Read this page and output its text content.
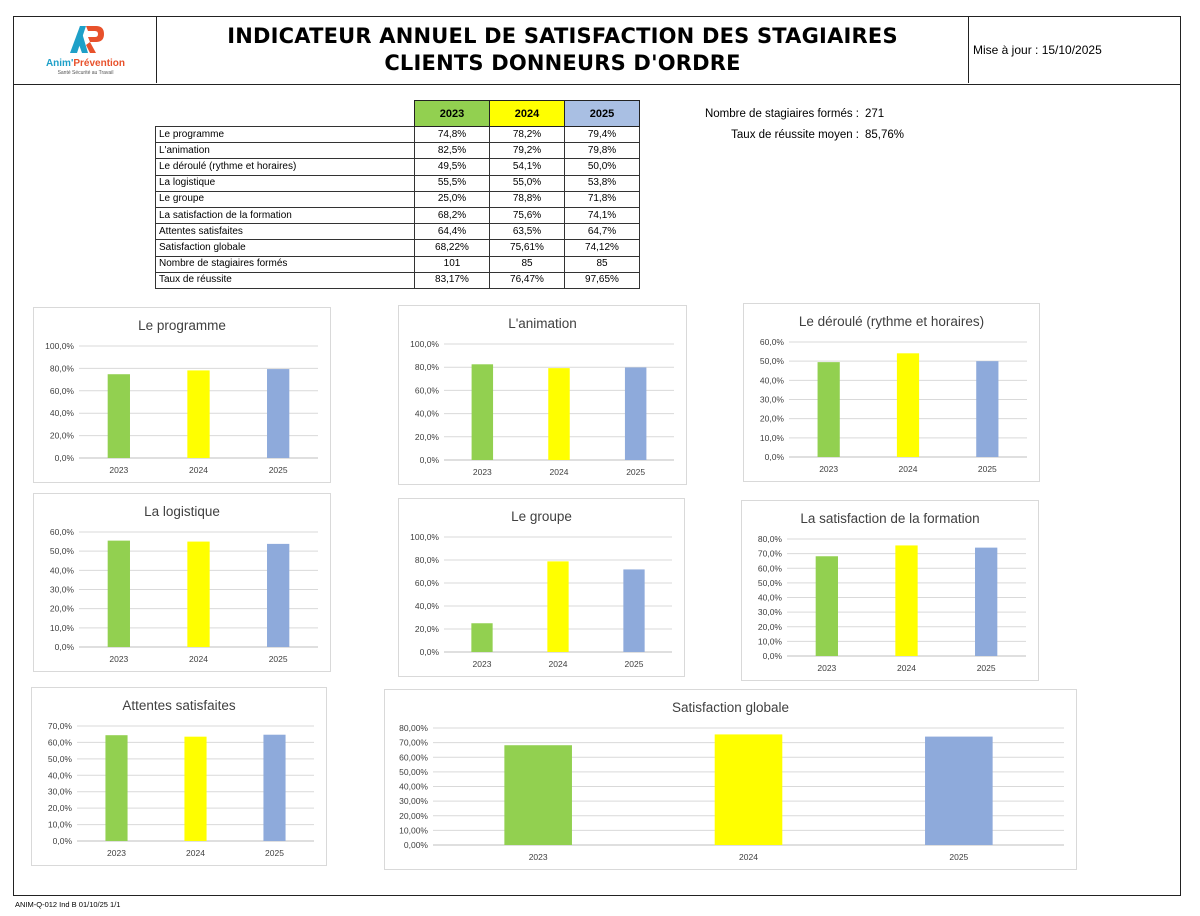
Anim'Prévention
Santé Sécurité au Travail
INDICATEUR ANNUEL DE SATISFACTION DES STAGIAIRES
CLIENTS DONNEURS D'ORDRE
Mise à jour : 15/10/2025
	2023	2024	2025
Le programme	74,8%	78,2%	79,4%
L'animation	82,5%	79,2%	79,8%
Le déroulé (rythme et horaires)	49,5%	54,1%	50,0%
La logistique	55,5%	55,0%	53,8%
Le groupe	25,0%	78,8%	71,8%
La satisfaction de la formation	68,2%	75,6%	74,1%
Attentes satisfaites	64,4%	63,5%	64,7%
Satisfaction globale	68,22%	75,61%	74,12%
Nombre de stagiaires formés	101	85	85
Taux de réussite	83,17%	76,47%	97,65%
Nombre de stagiaires formés : 271
Taux de réussite moyen : 85,76%
Le programme
0,0%
20,0%
40,0%
60,0%
80,0%
100,0%
2023	2024	2025
L'animation
0,0%
20,0%
40,0%
60,0%
80,0%
100,0%
2023	2024	2025
Le déroulé (rythme et horaires)
0,0%
10,0%
20,0%
30,0%
40,0%
50,0%
60,0%
2023	2024	2025
La logistique
0,0%
10,0%
20,0%
30,0%
40,0%
50,0%
60,0%
2023	2024	2025
Le groupe
0,0%
20,0%
40,0%
60,0%
80,0%
100,0%
2023	2024	2025
La satisfaction de la formation
0,0%
10,0%
20,0%
30,0%
40,0%
50,0%
60,0%
70,0%
80,0%
2023	2024	2025
Attentes satisfaites
0,0%
10,0%
20,0%
30,0%
40,0%
50,0%
60,0%
70,0%
2023	2024	2025
Satisfaction globale
0,00%
10,00%
20,00%
30,00%
40,00%
50,00%
60,00%
70,00%
80,00%
2023	2024	2025
ANIM-Q-012 Ind B 01/10/25 1/1
